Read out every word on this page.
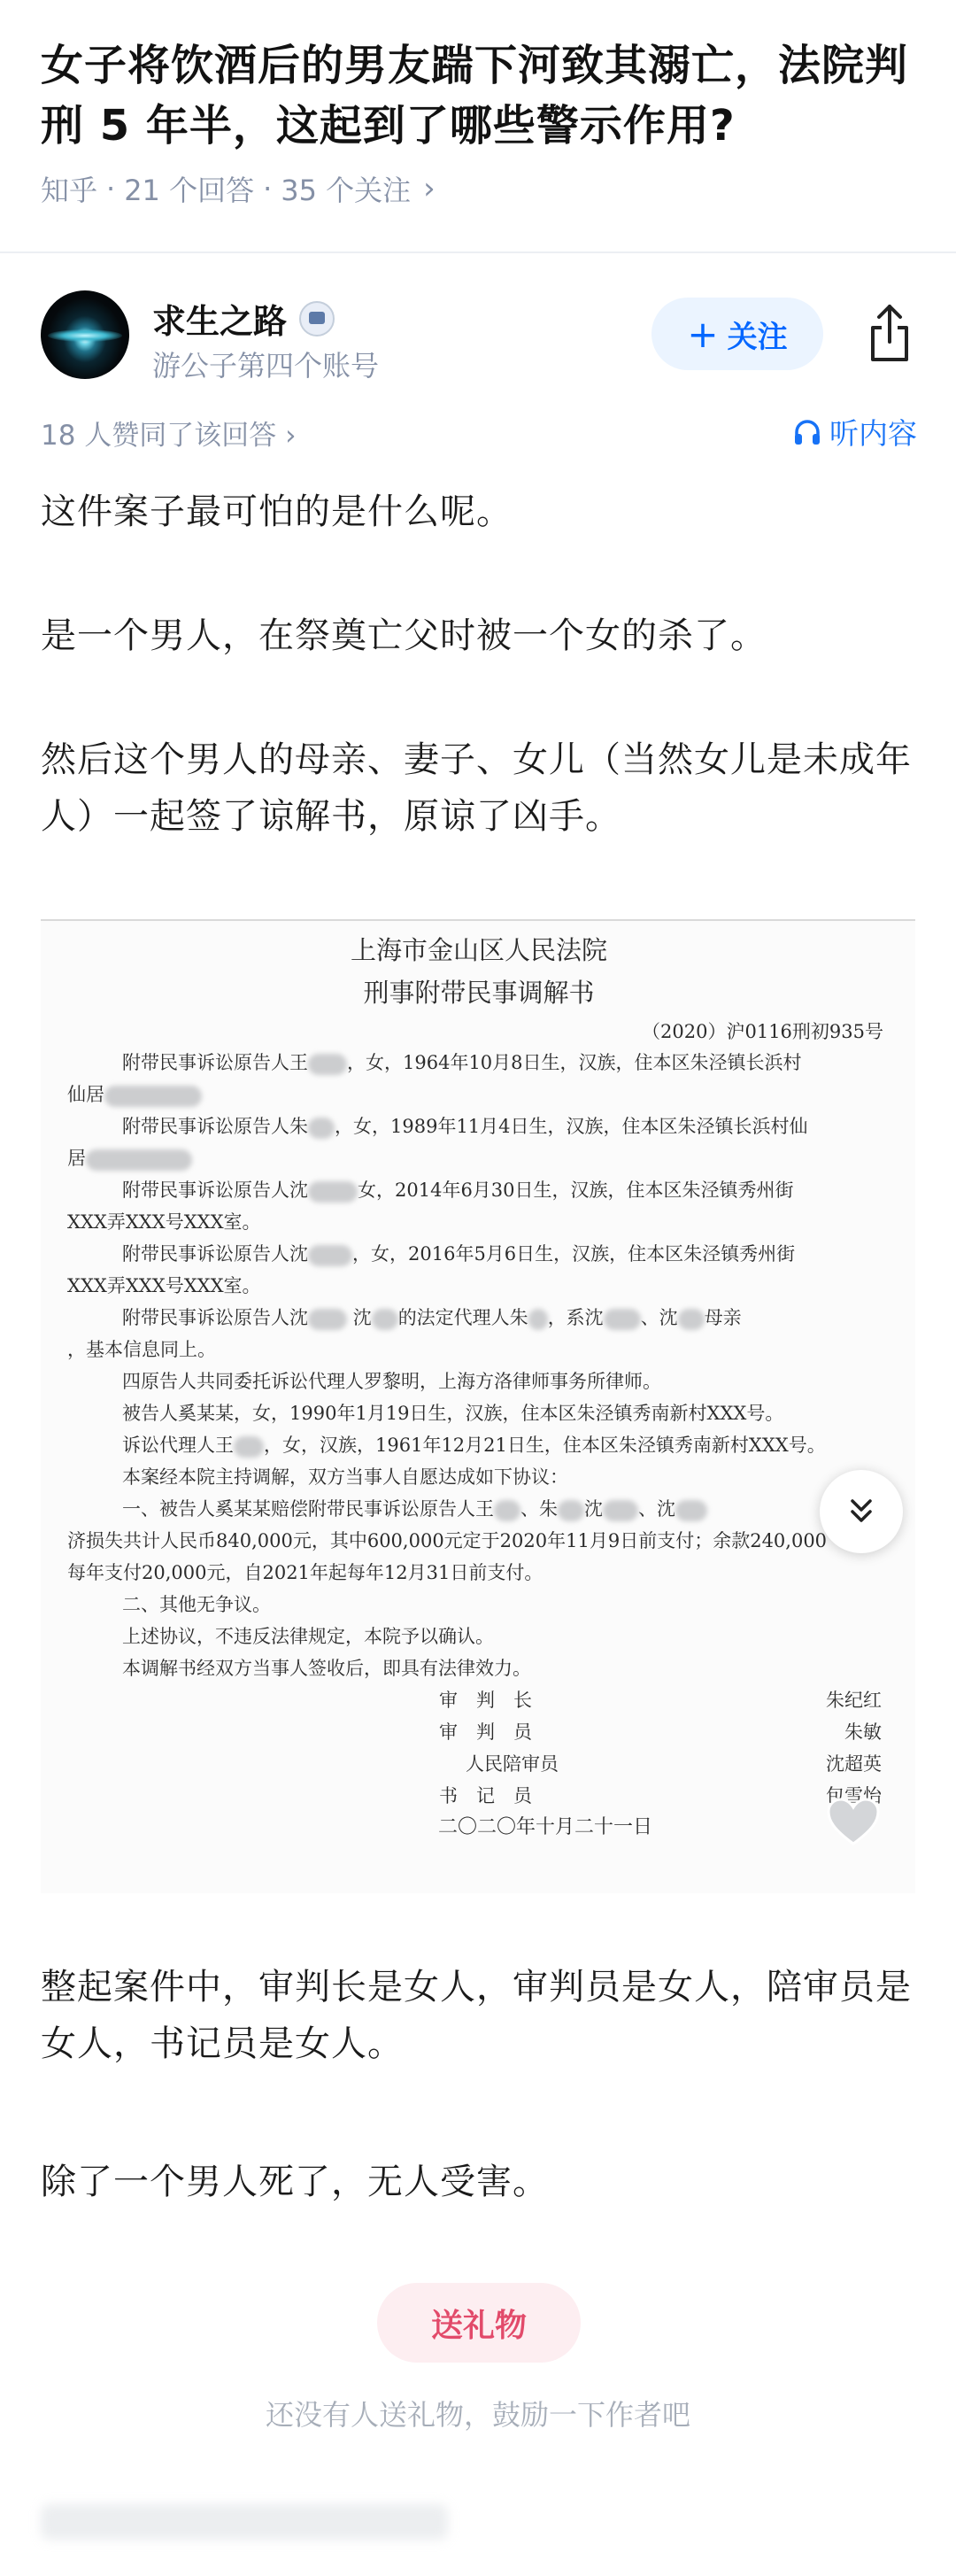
女子将饮酒后的男友踹下河致其溺亡，法院判刑 5 年半，这起到了哪些警示作用?
知乎 · 21 个回答 · 35 个关注 ›
求生之路
游公子第四个账号
+ 关注
18 人赞同了该回答 ›	听内容
这件案子最可怕的是什么呢。
是一个男人，在祭奠亡父时被一个女的杀了。
然后这个男人的母亲、妻子、女儿（当然女儿是未成年人）一起签了谅解书，原谅了凶手。
上海市金山区人民法院
刑事附带民事调解书
（2020）沪0116刑初935号
附带民事诉讼原告人王 ，女，1964年10月8日生，汉族，住本区朱泾镇长浜村
仙居
附带民事诉讼原告人朱 ，女，1989年11月4日生，汉族，住本区朱泾镇长浜村仙
居
附带民事诉讼原告人沈	女，2014年6月30日生，汉族，住本区朱泾镇秀州街
XXX弄XXX号XXX室。
附带民事诉讼原告人沈 ，女，2016年5月6日生，汉族，住本区朱泾镇秀州街
XXX弄XXX号XXX室。
附带民事诉讼原告人沈 沈 的法定代理人朱 ，系沈 、沈 母亲
，基本信息同上。
四原告人共同委托诉讼代理人罗黎明，上海方洛律师事务所律师。
被告人奚某某，女，1990年1月19日生，汉族，住本区朱泾镇秀南新村XXX号。
诉讼代理人王 ，女，汉族，1961年12月21日生，住本区朱泾镇秀南新村XXX号。
本案经本院主持调解，双方当事人自愿达成如下协议：
一、被告人奚某某赔偿附带民事诉讼原告人王 、朱 沈 、沈
济损失共计人民币840,000元，其中600,000元定于2020年11月9日前支付；余款240,000
每年支付20,000元，自2021年起每年12月31日前支付。
二、其他无争议。
上述协议，不违反法律规定，本院予以确认。
本调解书经双方当事人签收后，即具有法律效力。
审　判　长	朱纪红
审　判　员	朱敏
人民陪审员	沈超英
书　记　员	包雪怡
二〇二〇年十月二十一日
整起案件中，审判长是女人，审判员是女人，陪审员是女人，书记员是女人。
除了一个男人死了，无人受害。
送礼物
还没有人送礼物，鼓励一下作者吧
